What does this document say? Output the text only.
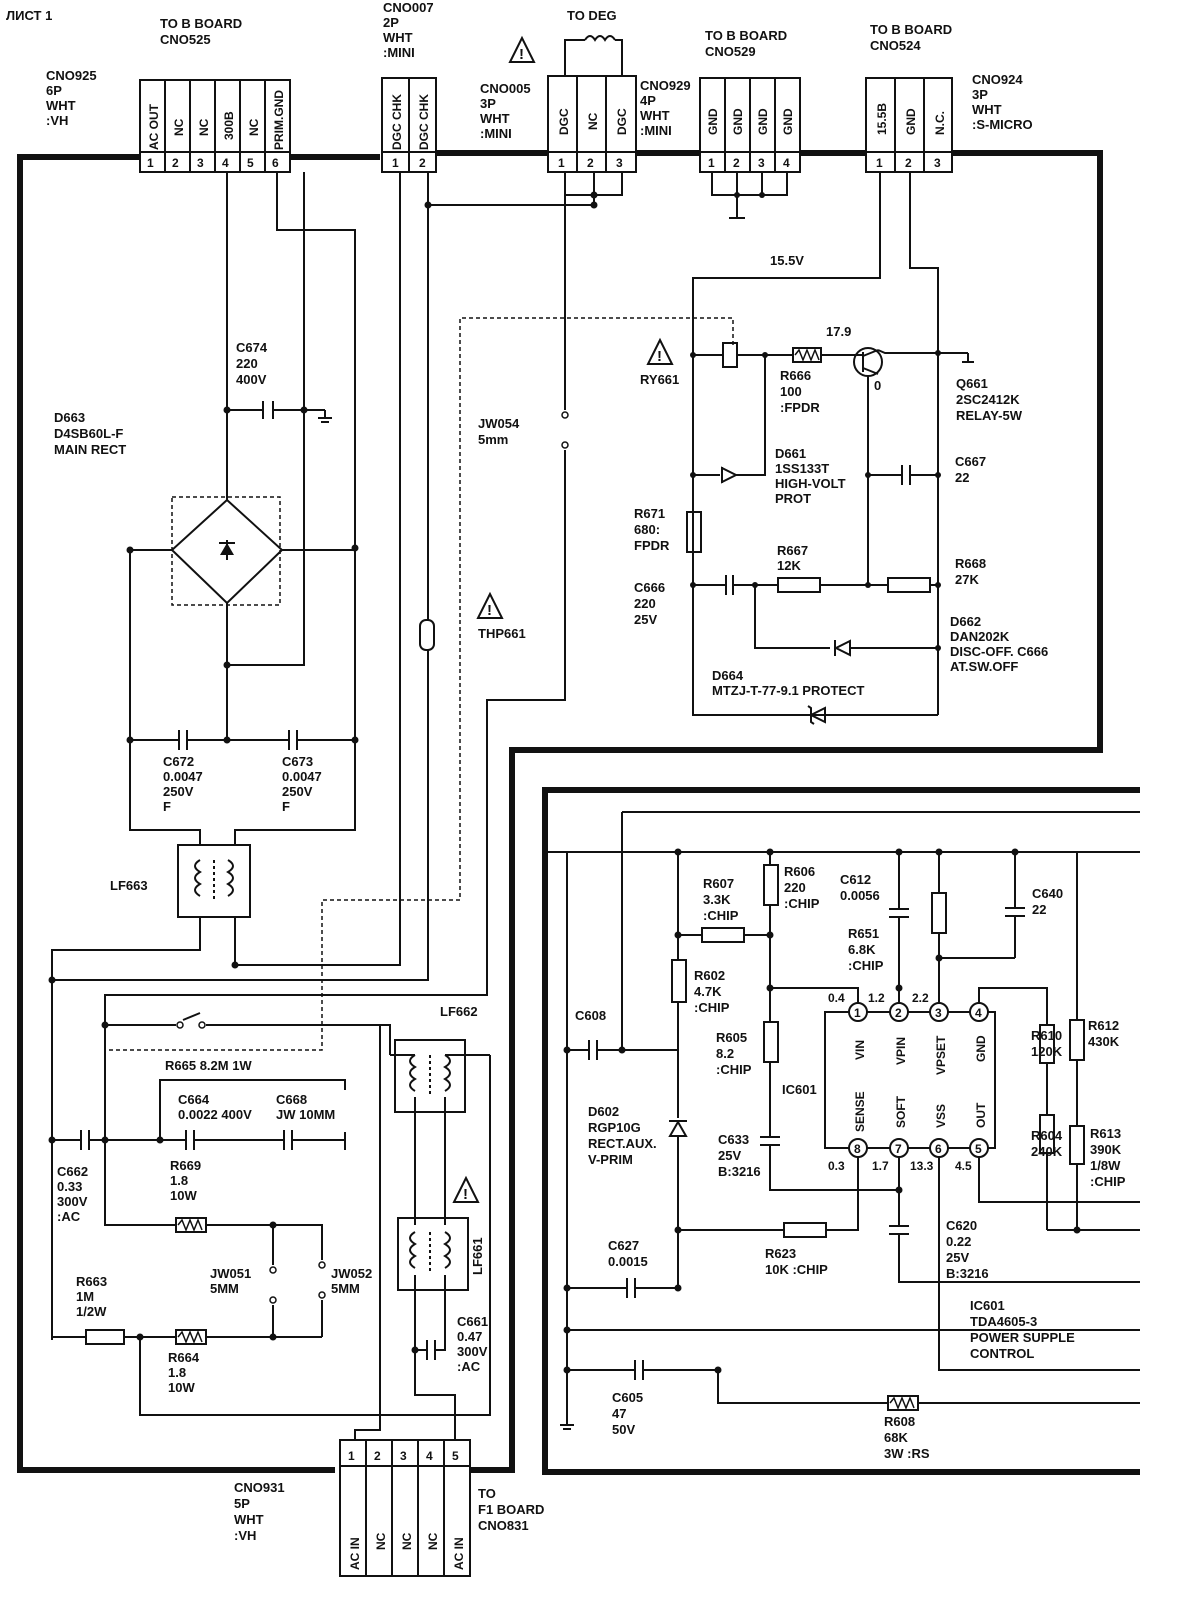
ЛИСТ 1
AC OUT NC NC 300B NC PRIM.GND
1 2 3 4 5 6
DGC CHK DGC CHK
1 2
DGC NC DGC
1 2 3
GND GND GND GND
1 2 3 4
15.5B GND N.C.
1 2 3
1 2 3 4 5
AC IN NC NC NC AC IN
CNO925
6P
WHT
:VH
TO B BOARD
CNO525
CNO007
2P
WHT
:MINI
TO DEG
CNO005
3P
WHT
:MINI
CNO929
4P
WHT
:MINI
TO B BOARD
CNO529
TO B BOARD
CNO524
CNO924
3P
WHT
:S-MICRO
CNO931
5P
WHT
:VH
TO
F1 BOARD
CNO831
!
!
!
!
1	2	3	4
8	7	6	5
VIN VPIN VPSET GND
SENSE SOFT VSS OUT
0.4 1.2 2.2
0.3 1.7 13.3 4.5
C674
220
400V
D663
D4SB60L-F
MAIN RECT
C672
0.0047
250V
F
C673
0.0047
250V
F
LF663
JW054
5mm
THP661
15.5V
17.9
0
RY661	R666
100
:FPDR
Q661
2SC2412K
RELAY-5W
D661
1SS133T
HIGH-VOLT
PROT
C667
22
R671
680:
FPDR	R667
12K	R668
27K
C666
220
25V	D662
DAN202K
DISC-OFF. C666
AT.SW.OFF
D664
MTZJ-T-77-9.1 PROTECT
LF662
R665 8.2M 1W
C664
0.0022 400V
C668
JW 10MM
C662
0.33
300V
:AC
R669
1.8
10W
JW051
5MM
JW052
5MM
R663
1M
1/2W
R664
1.8
10W
LF661
C661
0.47
300V
:AC
C608
R607
3.3K
:CHIP
R606
220
:CHIP
C612
0.0056	C640
22
R651
6.8K
:CHIP
R602
4.7K
:CHIP
R605
8.2
:CHIP
IC601
D602
RGP10G
RECT.AUX.
V-PRIM
C633
25V
B:3216
R610
120K
R612
430K
R604
240K
R613
390K
1/8W
:CHIP
C627
0.0015
R623
10K :CHIP
C620
0.22
25V
B:3216
IC601
TDA4605-3
POWER SUPPLE
CONTROL
C605
47
50V
R608
68K
3W :RS
